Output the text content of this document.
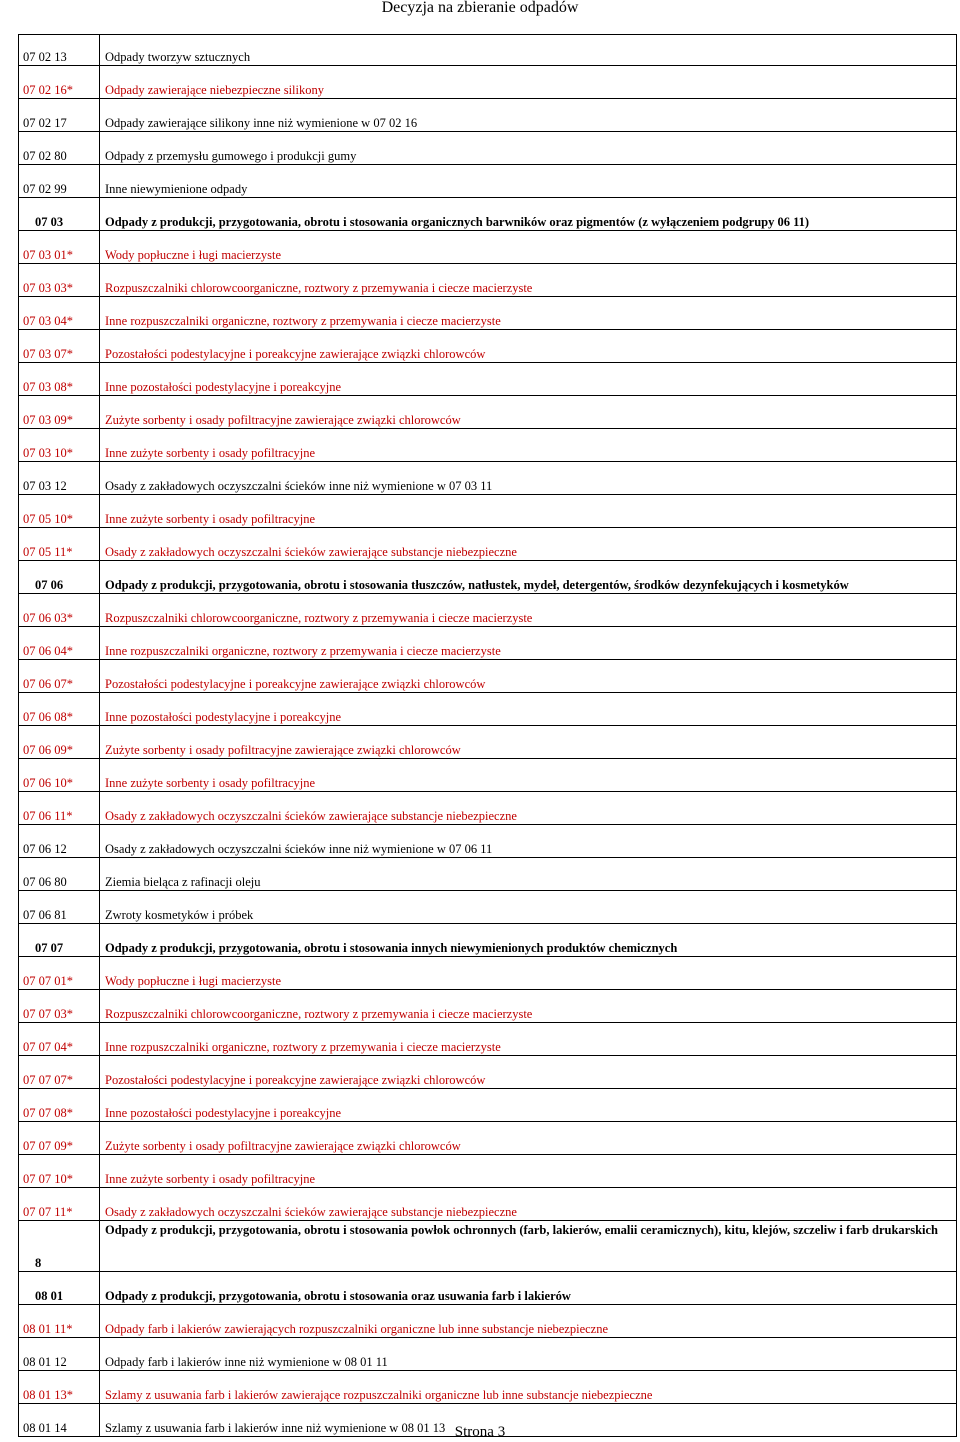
Decyzja na zbieranie odpadów
07 02 13	Odpady tworzyw sztucznych
07 02 16*	Odpady zawierające niebezpieczne silikony
07 02 17	Odpady zawierające silikony inne niż wymienione w 07 02 16
07 02 80	Odpady z przemysłu gumowego i produkcji gumy
07 02 99	Inne niewymienione odpady
07 03	Odpady z produkcji, przygotowania, obrotu i stosowania organicznych barwników oraz pigmentów (z wyłączeniem podgrupy 06 11)
07 03 01*	Wody popłuczne i ługi macierzyste
07 03 03*	Rozpuszczalniki chlorowcoorganiczne, roztwory z przemywania i ciecze macierzyste
07 03 04*	Inne rozpuszczalniki organiczne, roztwory z przemywania i ciecze macierzyste
07 03 07*	Pozostałości podestylacyjne i poreakcyjne zawierające związki chlorowców
07 03 08*	Inne pozostałości podestylacyjne i poreakcyjne
07 03 09*	Zużyte sorbenty i osady pofiltracyjne zawierające związki chlorowców
07 03 10*	Inne zużyte sorbenty i osady pofiltracyjne
07 03 12	Osady z zakładowych oczyszczalni ścieków inne niż wymienione w 07 03 11
07 05 10*	Inne zużyte sorbenty i osady pofiltracyjne
07 05 11*	Osady z zakładowych oczyszczalni ścieków zawierające substancje niebezpieczne
07 06	Odpady z produkcji, przygotowania, obrotu i stosowania tłuszczów, natłustek, mydeł, detergentów, środków dezynfekujących i kosmetyków
07 06 03*	Rozpuszczalniki chlorowcoorganiczne, roztwory z przemywania i ciecze macierzyste
07 06 04*	Inne rozpuszczalniki organiczne, roztwory z przemywania i ciecze macierzyste
07 06 07*	Pozostałości podestylacyjne i poreakcyjne zawierające związki chlorowców
07 06 08*	Inne pozostałości podestylacyjne i poreakcyjne
07 06 09*	Zużyte sorbenty i osady pofiltracyjne zawierające związki chlorowców
07 06 10*	Inne zużyte sorbenty i osady pofiltracyjne
07 06 11*	Osady z zakładowych oczyszczalni ścieków zawierające substancje niebezpieczne
07 06 12	Osady z zakładowych oczyszczalni ścieków inne niż wymienione w 07 06 11
07 06 80	Ziemia bieląca z rafinacji oleju
07 06 81	Zwroty kosmetyków i próbek
07 07	Odpady z produkcji, przygotowania, obrotu i stosowania innych niewymienionych produktów chemicznych
07 07 01*	Wody popłuczne i ługi macierzyste
07 07 03*	Rozpuszczalniki chlorowcoorganiczne, roztwory z przemywania i ciecze macierzyste
07 07 04*	Inne rozpuszczalniki organiczne, roztwory z przemywania i ciecze macierzyste
07 07 07*	Pozostałości podestylacyjne i poreakcyjne zawierające związki chlorowców
07 07 08*	Inne pozostałości podestylacyjne i poreakcyjne
07 07 09*	Zużyte sorbenty i osady pofiltracyjne zawierające związki chlorowców
07 07 10*	Inne zużyte sorbenty i osady pofiltracyjne
07 07 11*	Osady z zakładowych oczyszczalni ścieków zawierające substancje niebezpieczne
8	Odpady z produkcji, przygotowania, obrotu i stosowania powłok ochronnych (farb, lakierów, emalii ceramicznych), kitu, klejów, szczeliw i farb drukarskich
08 01	Odpady z produkcji, przygotowania, obrotu i stosowania oraz usuwania farb i lakierów
08 01 11*	Odpady farb i lakierów zawierających rozpuszczalniki organiczne lub inne substancje niebezpieczne
08 01 12	Odpady farb i lakierów inne niż wymienione w 08 01 11
08 01 13*	Szlamy z usuwania farb i lakierów zawierające rozpuszczalniki organiczne lub inne substancje niebezpieczne
08 01 14	Szlamy z usuwania farb i lakierów inne niż wymienione w 08 01 13 Strona 3
